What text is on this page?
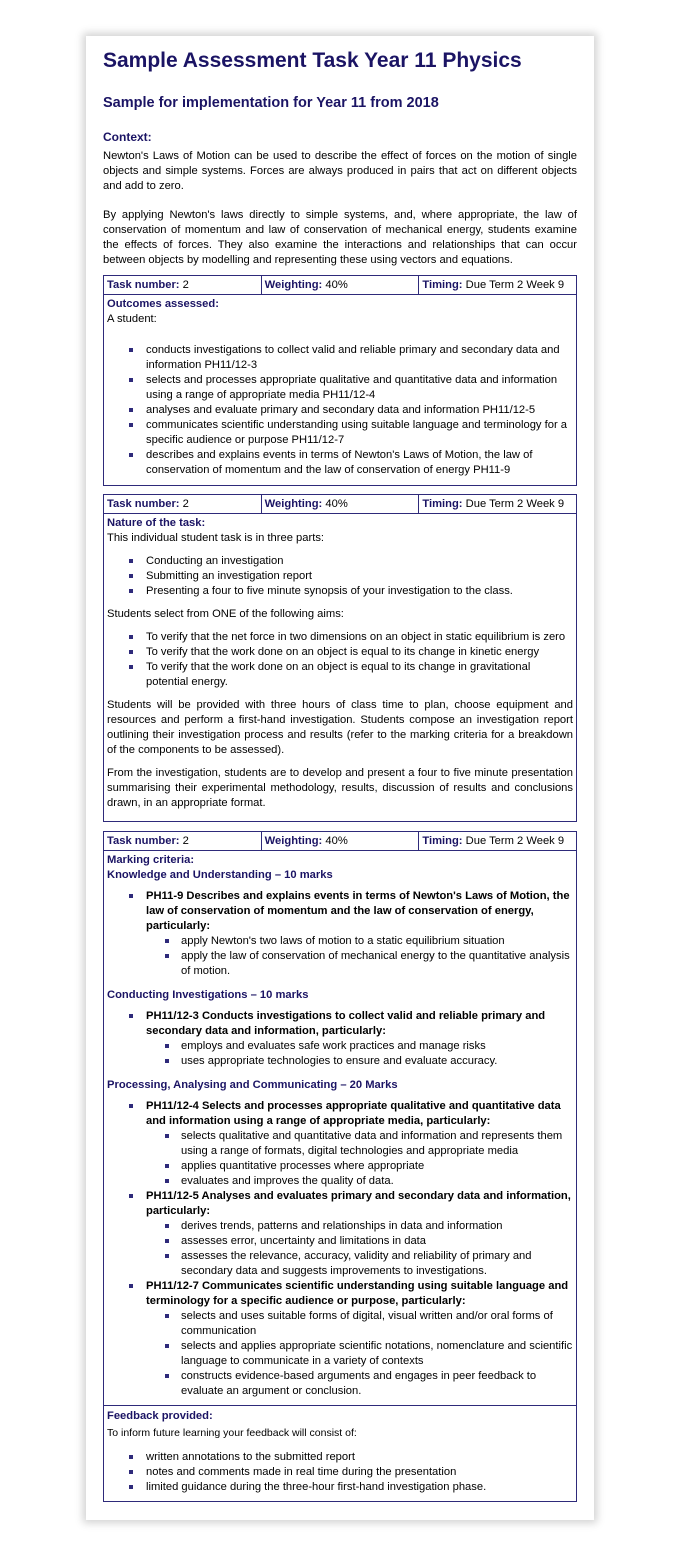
Sample Assessment Task Year 11 Physics
Sample for implementation for Year 11 from 2018
Context:

Newton's Laws of Motion can be used to describe the effect of forces on the motion of single objects and simple systems. Forces are always produced in pairs that act on different objects and add to zero.

By applying Newton's laws directly to simple systems, and, where appropriate, the law of conservation of momentum and law of conservation of mechanical energy, students examine the effects of forces. They also examine the interactions and relationships that can occur between objects by modelling and representing these using vectors and equations.

Task number: 2	Weighting: 40%	Timing: Due Term 2 Week 9
Outcomes assessed:
A student:
conducts investigations to collect valid and reliable primary and secondary data and information PH11/12-3
selects and processes appropriate qualitative and quantitative data and information using a range of appropriate media PH11/12-4
analyses and evaluate primary and secondary data and information PH11/12-5
communicates scientific understanding using suitable language and terminology for a specific audience or purpose PH11/12-7
describes and explains events in terms of Newton's Laws of Motion, the law of conservation of momentum and the law of conservation of energy PH11-9
Task number: 2	Weighting: 40%	Timing: Due Term 2 Week 9
Nature of the task:
This individual student task is in three parts:
Conducting an investigation
Submitting an investigation report
Presenting a four to five minute synopsis of your investigation to the class.
Students select from ONE of the following aims:
To verify that the net force in two dimensions on an object in static equilibrium is zero
To verify that the work done on an object is equal to its change in kinetic energy
To verify that the work done on an object is equal to its change in gravitational potential energy.
Students will be provided with three hours of class time to plan, choose equipment and resources and perform a first-hand investigation. Students compose an investigation report outlining their investigation process and results (refer to the marking criteria for a breakdown of the components to be assessed).
From the investigation, students are to develop and present a four to five minute presentation summarising their experimental methodology, results, discussion of results and conclusions drawn, in an appropriate format.
Task number: 2	Weighting: 40%	Timing: Due Term 2 Week 9
Marking criteria:
Knowledge and Understanding – 10 marks
PH11-9 Describes and explains events in terms of Newton's Laws of Motion, the law of conservation of momentum and the law of conservation of energy, particularly:
apply Newton's two laws of motion to a static equilibrium situation
apply the law of conservation of mechanical energy to the quantitative analysis of motion.
Conducting Investigations – 10 marks
PH11/12-3 Conducts investigations to collect valid and reliable primary and secondary data and information, particularly:
employs and evaluates safe work practices and manage risks
uses appropriate technologies to ensure and evaluate accuracy.
Processing, Analysing and Communicating – 20 Marks
PH11/12-4 Selects and processes appropriate qualitative and quantitative data and information using a range of appropriate media, particularly:
selects qualitative and quantitative data and information and represents them using a range of formats, digital technologies and appropriate media
applies quantitative processes where appropriate
evaluates and improves the quality of data.
PH11/12-5 Analyses and evaluates primary and secondary data and information, particularly:
derives trends, patterns and relationships in data and information
assesses error, uncertainty and limitations in data
assesses the relevance, accuracy, validity and reliability of primary and secondary data and suggests improvements to investigations.
PH11/12-7 Communicates scientific understanding using suitable language and terminology for a specific audience or purpose, particularly:
selects and uses suitable forms of digital, visual written and/or oral forms of communication
selects and applies appropriate scientific notations, nomenclature and scientific language to communicate in a variety of contexts
constructs evidence-based arguments and engages in peer feedback to evaluate an argument or conclusion.
Feedback provided:
To inform future learning your feedback will consist of:
written annotations to the submitted report
notes and comments made in real time during the presentation
limited guidance during the three-hour first-hand investigation phase.
